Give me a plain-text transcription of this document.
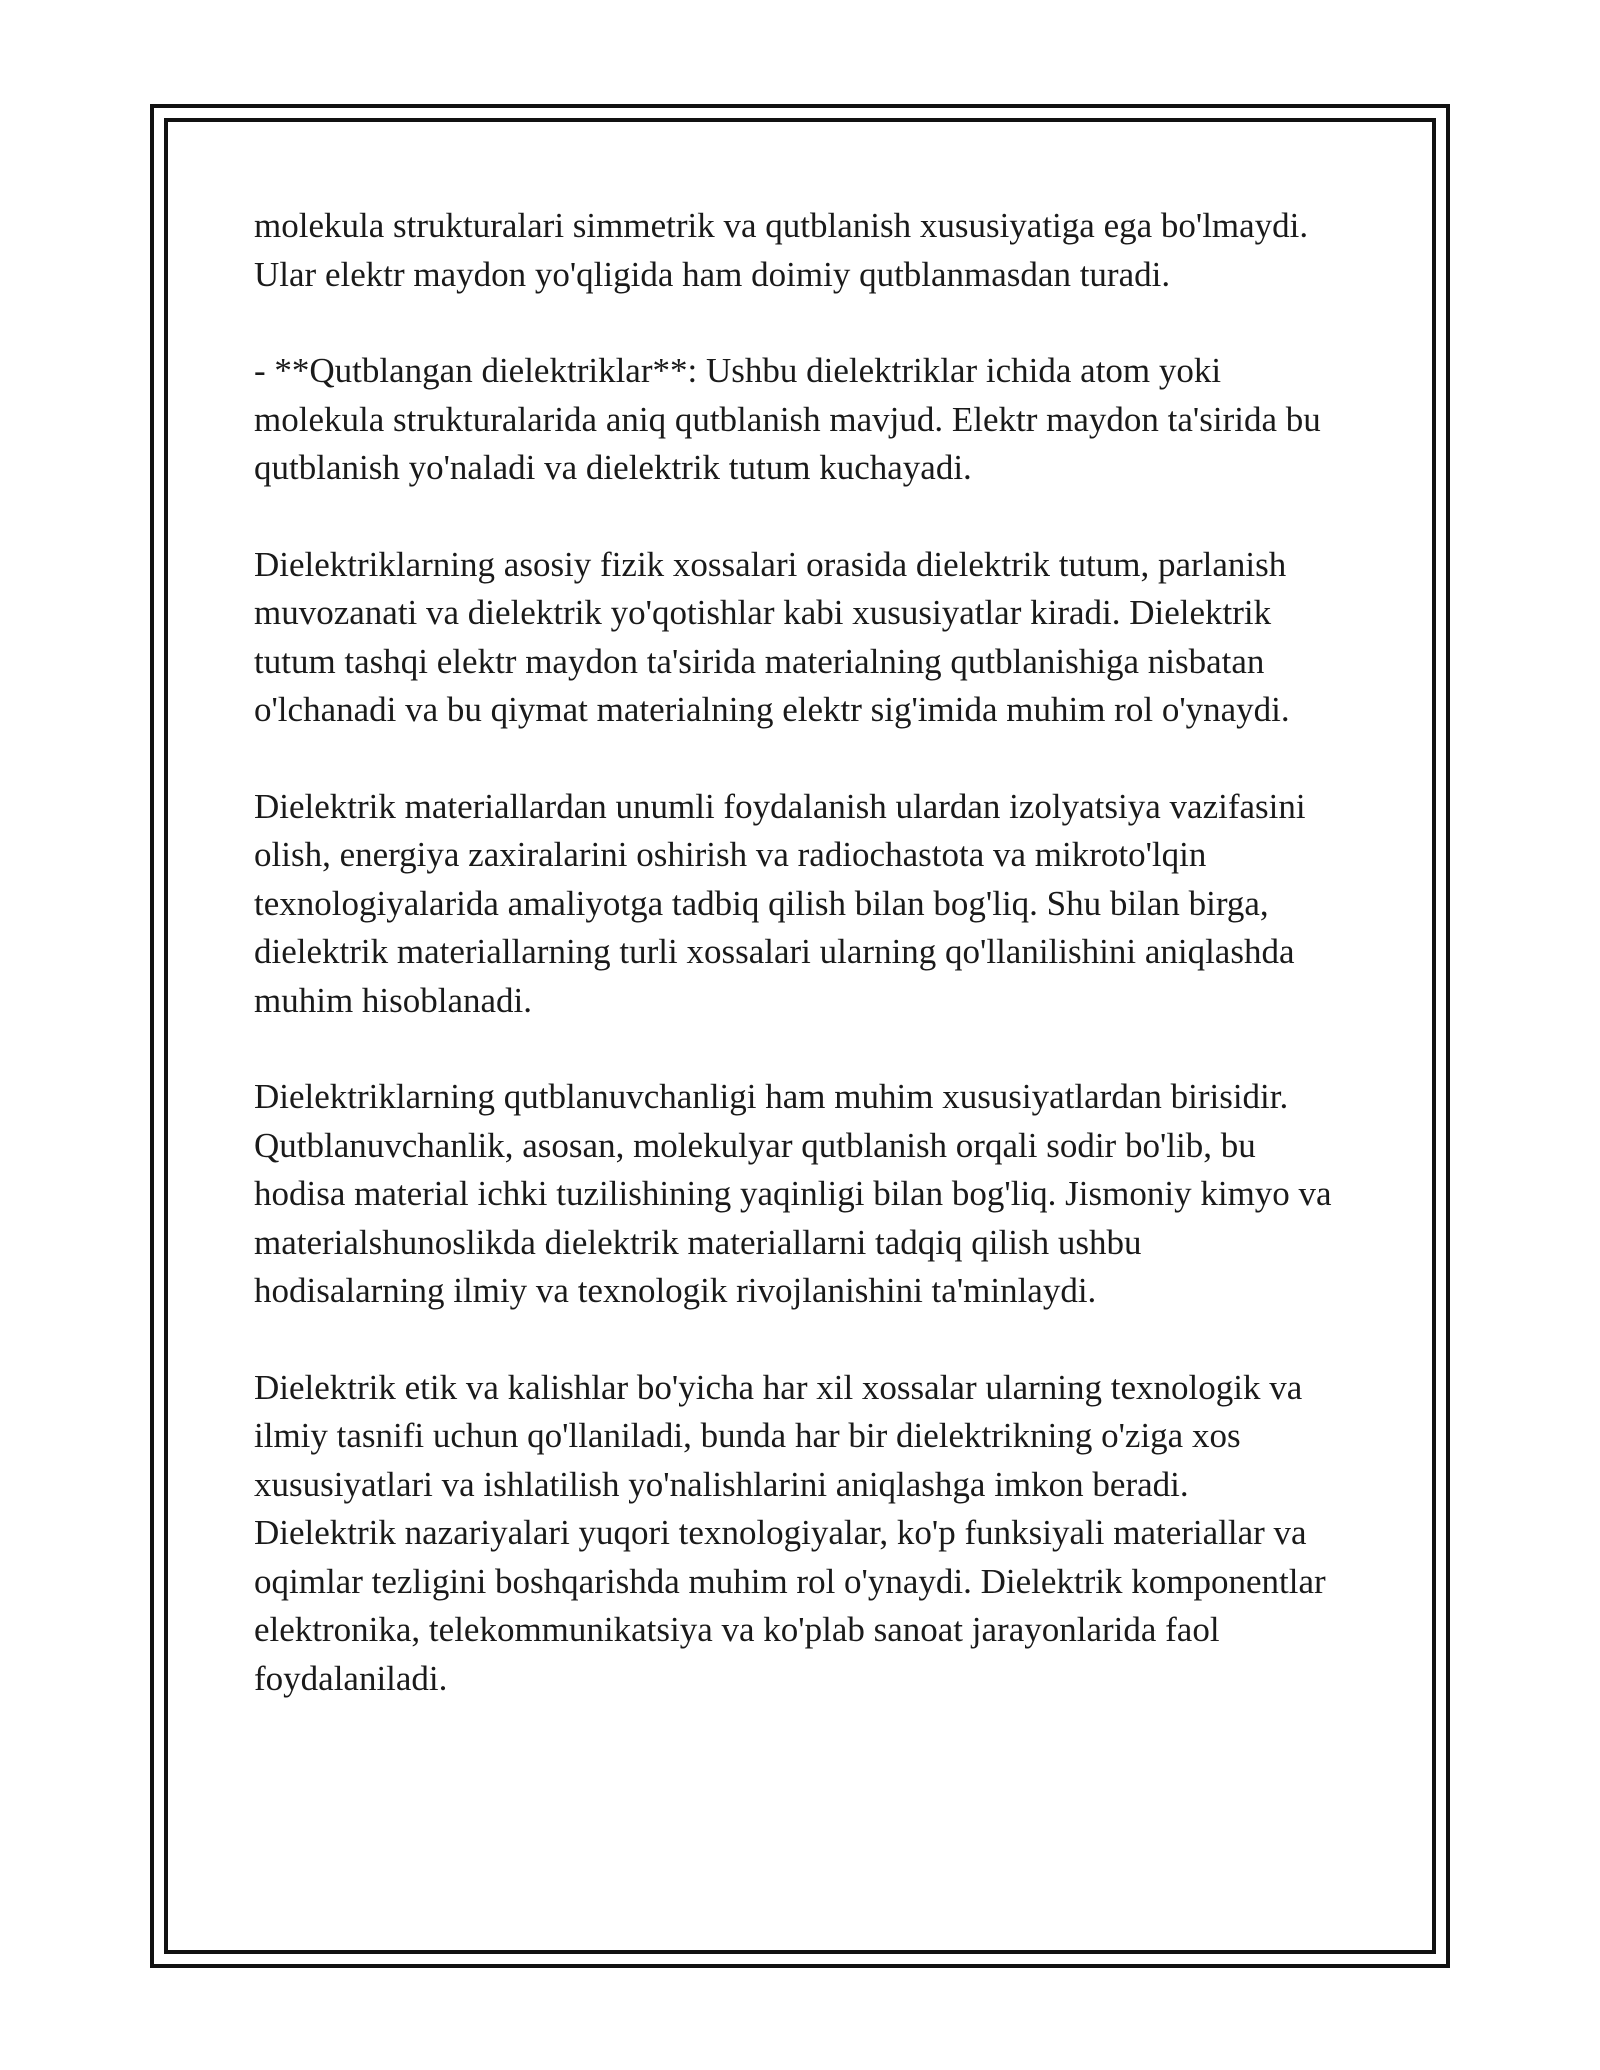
molekula strukturalari simmetrik va qutblanish xususiyatiga ega bo'lmaydi.
Ular elektr maydon yo'qligida ham doimiy qutblanmasdan turadi.

- **Qutblangan dielektriklar**: Ushbu dielektriklar ichida atom yoki
molekula strukturalarida aniq qutblanish mavjud. Elektr maydon ta'sirida bu
qutblanish yo'naladi va dielektrik tutum kuchayadi.

Dielektriklarning asosiy fizik xossalari orasida dielektrik tutum, parlanish
muvozanati va dielektrik yo'qotishlar kabi xususiyatlar kiradi. Dielektrik
tutum tashqi elektr maydon ta'sirida materialning qutblanishiga nisbatan
o'lchanadi va bu qiymat materialning elektr sig'imida muhim rol o'ynaydi.

Dielektrik materiallardan unumli foydalanish ulardan izolyatsiya vazifasini
olish, energiya zaxiralarini oshirish va radiochastota va mikroto'lqin
texnologiyalarida amaliyotga tadbiq qilish bilan bog'liq. Shu bilan birga,
dielektrik materiallarning turli xossalari ularning qo'llanilishini aniqlashda
muhim hisoblanadi.

Dielektriklarning qutblanuvchanligi ham muhim xususiyatlardan birisidir.
Qutblanuvchanlik, asosan, molekulyar qutblanish orqali sodir bo'lib, bu
hodisa material ichki tuzilishining yaqinligi bilan bog'liq. Jismoniy kimyo va
materialshunoslikda dielektrik materiallarni tadqiq qilish ushbu
hodisalarning ilmiy va texnologik rivojlanishini ta'minlaydi.

Dielektrik etik va kalishlar bo'yicha har xil xossalar ularning texnologik va
ilmiy tasnifi uchun qo'llaniladi, bunda har bir dielektrikning o'ziga xos
xususiyatlari va ishlatilish yo'nalishlarini aniqlashga imkon beradi.
Dielektrik nazariyalari yuqori texnologiyalar, ko'p funksiyali materiallar va
oqimlar tezligini boshqarishda muhim rol o'ynaydi. Dielektrik komponentlar
elektronika, telekommunikatsiya va ko'plab sanoat jarayonlarida faol
foydalaniladi.
